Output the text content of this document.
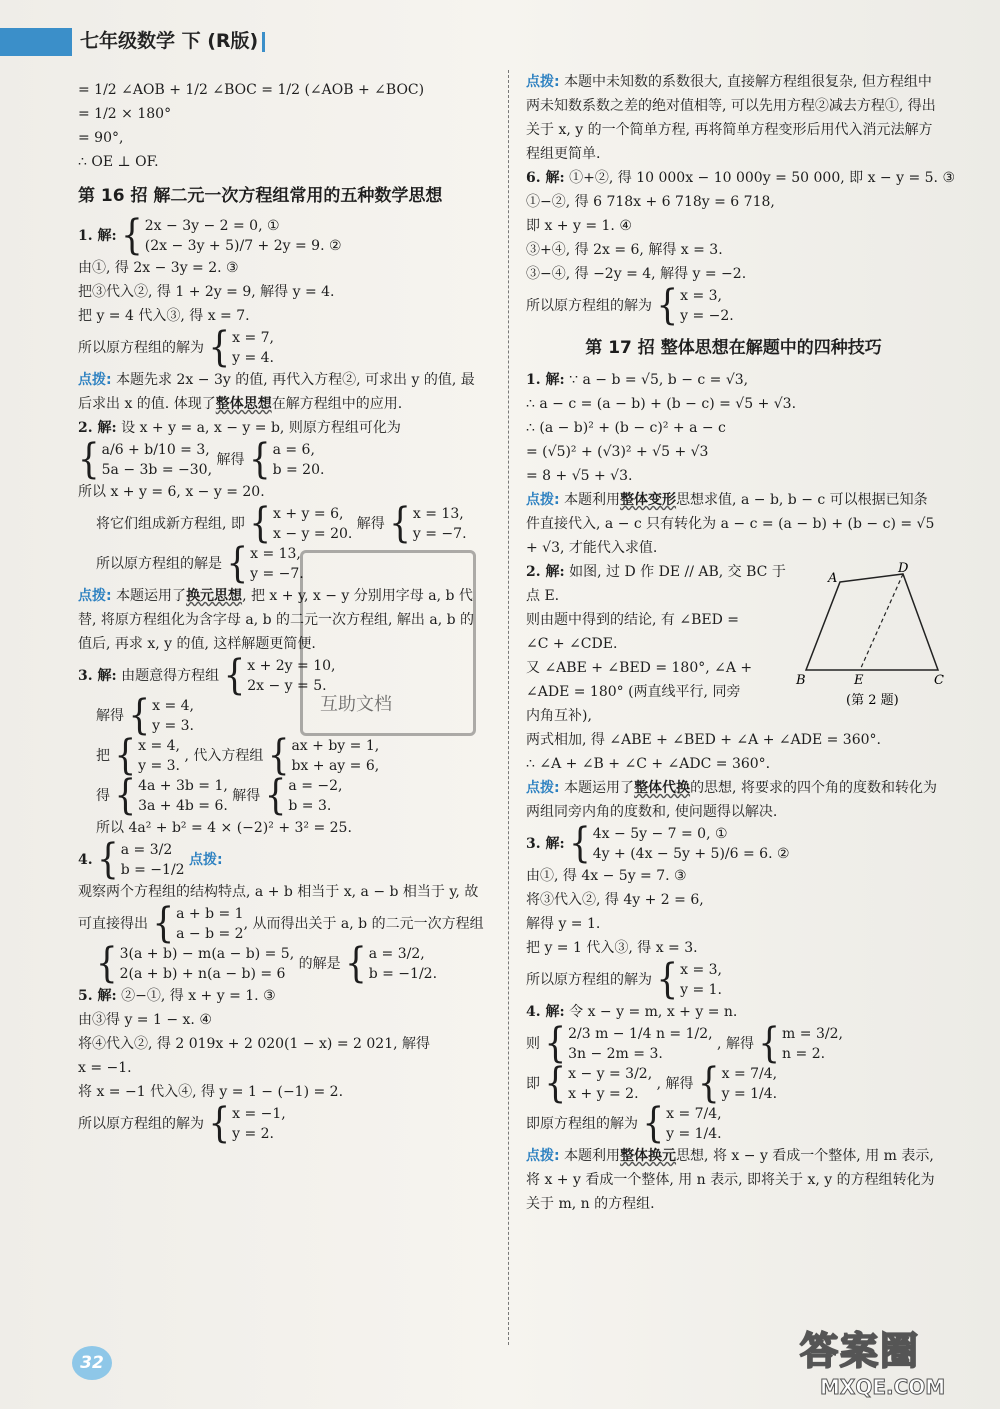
七年级数学 下 (R版)
= 1/2 ∠AOB + 1/2 ∠BOC = 1/2 (∠AOB + ∠BOC)
= 1/2 × 180°
= 90°,
∴ OE ⊥ OF.
第 16 招 解二元一次方程组常用的五种数学思想
1. 解: { 2x − 3y − 2 = 0, ①
(2x − 3y + 5)/7 + 2y = 9. ②
由①, 得 2x − 3y = 2. ③
把③代入②, 得 1 + 2y = 9, 解得 y = 4.
把 y = 4 代入③, 得 x = 7.
所以原方程组的解为 { x = 7,
y = 4.
点拨: 本题先求 2x − 3y 的值, 再代入方程②, 可求出 y 的值, 最后求出 x 的值. 体现了整体思想在解方程组中的应用.
2. 解: 设 x + y = a, x − y = b, 则原方程组可化为
{ a/6 + b/10 = 3,
5a − 3b = −30,
解得 { a = 6,
b = 20.
所以 x + y = 6, x − y = 20.
将它们组成新方程组, 即 { x + y = 6,
x − y = 20.
解得 { x = 13,
y = −7.
所以原方程组的解是 { x = 13,
y = −7.
点拨: 本题运用了换元思想, 把 x + y, x − y 分别用字母 a, b 代替, 将原方程组化为含字母 a, b 的二元一次方程组, 解出 a, b 的值后, 再求 x, y 的值, 这样解题更简便.
3. 解: 由题意得方程组 { x + 2y = 10,
2x − y = 5.
解得 { x = 4,
y = 3.
把 { x = 4,
y = 3.
, 代入方程组 { ax + by = 1,
bx + ay = 6,
得 { 4a + 3b = 1,
3a + 4b = 6.
解得 { a = −2,
b = 3.
所以 4a² + b² = 4 × (−2)² + 3² = 25.
4. { a = 3/2
b = −1/2
点拨:
观察两个方程组的结构特点, a + b 相当于 x, a − b 相当于 y, 故可直接得出 { a + b = 1
a − b = 2
, 从而得出关于 a, b 的二元一次方程组
{ 3(a + b) − m(a − b) = 5,
2(a + b) + n(a − b) = 6
的解是 { a = 3/2,
b = −1/2.
5. 解: ②−①, 得 x + y = 1. ③
由③得 y = 1 − x. ④
将④代入②, 得 2 019x + 2 020(1 − x) = 2 021, 解得
x = −1.
将 x = −1 代入④, 得 y = 1 − (−1) = 2.
所以原方程组的解为 { x = −1,
y = 2.
点拨: 本题中未知数的系数很大, 直接解方程组很复杂, 但方程组中两未知数系数之差的绝对值相等, 可以先用方程②减去方程①, 得出关于 x, y 的一个简单方程, 再将简单方程变形后用代入消元法解方程组更简单.
6. 解: ①+②, 得 10 000x − 10 000y = 50 000, 即 x − y = 5. ③
①−②, 得 6 718x + 6 718y = 6 718,
即 x + y = 1. ④
③+④, 得 2x = 6, 解得 x = 3.
③−④, 得 −2y = 4, 解得 y = −2.
所以原方程组的解为 { x = 3,
y = −2.
第 17 招 整体思想在解题中的四种技巧
1. 解: ∵ a − b = √5, b − c = √3,
∴ a − c = (a − b) + (b − c) = √5 + √3.
∴ (a − b)² + (b − c)² + a − c
= (√5)² + (√3)² + √5 + √3
= 8 + √5 + √3.
点拨: 本题利用整体变形思想求值, a − b, b − c 可以根据已知条件直接代入, a − c 只有转化为 a − c = (a − b) + (b − c) = √5 + √3, 才能代入求值.
2. 解: 如图, 过 D 作 DE // AB, 交 BC 于点 E.
则由题中得到的结论, 有 ∠BED =
∠C + ∠CDE.
又 ∠ABE + ∠BED = 180°, ∠A +
∠ADE = 180° (两直线平行, 同旁
内角互补),
两式相加, 得 ∠ABE + ∠BED + ∠A + ∠ADE = 360°.
∴ ∠A + ∠B + ∠C + ∠ADC = 360°.
点拨: 本题运用了整体代换的思想, 将要求的四个角的度数和转化为两组同旁内角的度数和, 使问题得以解决.
3. 解: { 4x − 5y − 7 = 0, ①
4y + (4x − 5y + 5)/6 = 6. ②
由①, 得 4x − 5y = 7. ③
将③代入②, 得 4y + 2 = 6,
解得 y = 1.
把 y = 1 代入③, 得 x = 3.
所以原方程组的解为 { x = 3,
y = 1.
4. 解: 令 x − y = m, x + y = n.
则 { 2/3 m − 1/4 n = 1/2,
3n − 2m = 3.
, 解得 { m = 3/2,
n = 2.
即 { x − y = 3/2,
x + y = 2.
, 解得 { x = 7/4,
y = 1/4.
即原方程组的解为 { x = 7/4,
y = 1/4.
点拨: 本题利用整体换元思想, 将 x − y 看成一个整体, 用 m 表示, 将 x + y 看成一个整体, 用 n 表示, 即将关于 x, y 的方程组转化为关于 m, n 的方程组.
A
D
B	E	C
(第 2 题)
互助文档
32	答案圈
MXQE.COM
